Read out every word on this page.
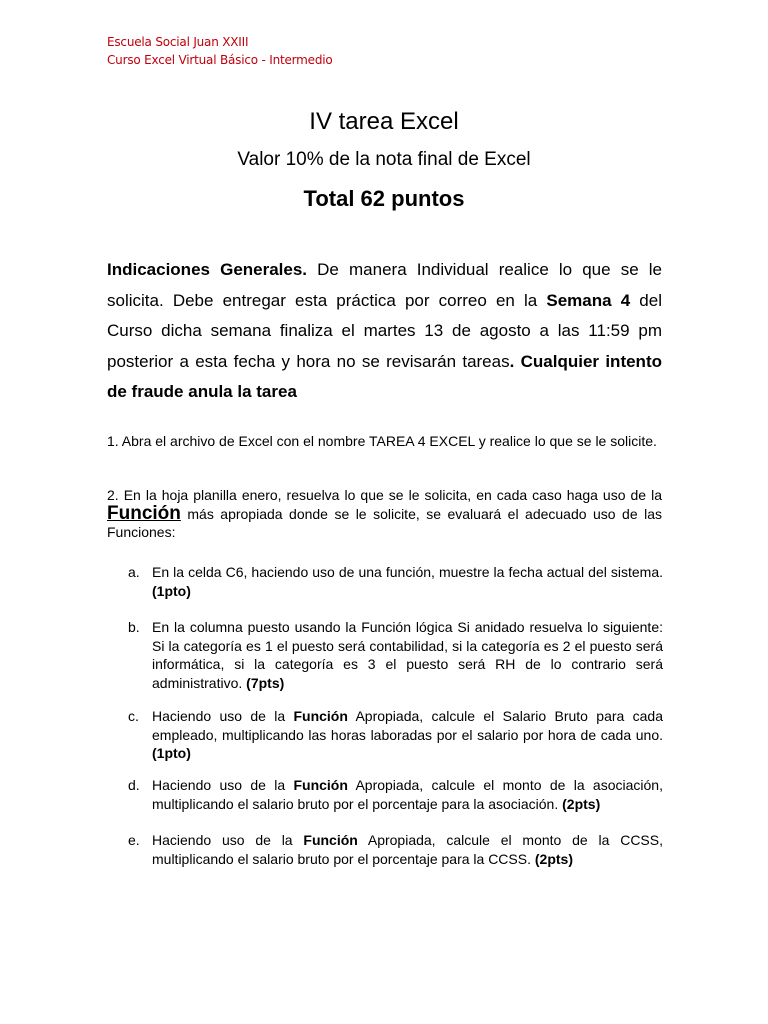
Escuela Social Juan XXIII
Curso Excel Virtual Básico - Intermedio
IV tarea Excel
Valor 10% de la nota final de Excel
Total 62 puntos
Indicaciones Generales. De manera Individual realice lo que se le solicita. Debe entregar esta práctica por correo en la Semana 4 del Curso dicha semana finaliza el martes 13 de agosto a las 11:59 pm posterior a esta fecha y hora no se revisarán tareas. Cualquier intento de fraude anula la tarea
1. Abra el archivo de Excel con el nombre TAREA 4 EXCEL y realice lo que se le solicite.
2. En la hoja planilla enero, resuelva lo que se le solicita, en cada caso haga uso de la Función más apropiada donde se le solicite, se evaluará el adecuado uso de las Funciones:
a. En la celda C6, haciendo uso de una función, muestre la fecha actual del sistema. (1pto)
b. En la columna puesto usando la Función lógica Si anidado resuelva lo siguiente: Si la categoría es 1 el puesto será contabilidad, si la categoría es 2 el puesto será informática, si la categoría es 3 el puesto será RH de lo contrario será administrativo. (7pts)
c. Haciendo uso de la Función Apropiada, calcule el Salario Bruto para cada empleado, multiplicando las horas laboradas por el salario por hora de cada uno. (1pto)
d. Haciendo uso de la Función Apropiada, calcule el monto de la asociación, multiplicando el salario bruto por el porcentaje para la asociación. (2pts)
e. Haciendo uso de la Función Apropiada, calcule el monto de la CCSS, multiplicando el salario bruto por el porcentaje para la CCSS. (2pts)
